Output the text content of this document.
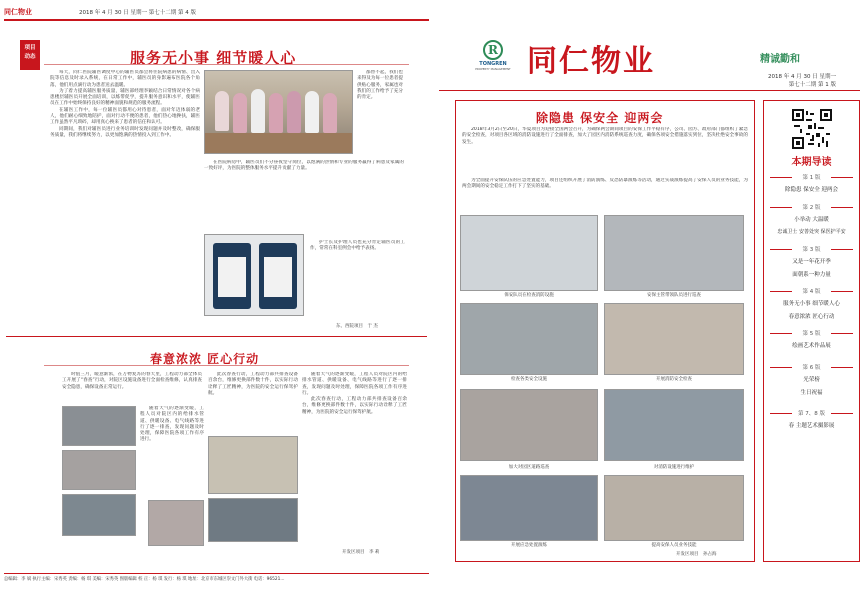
同仁物业	2018 年 4 月 30 日 星期一 第七十二期 第 4 版
项目
动态	服务无小事 细节暖人心

每天，同仁医院辅医调度中心的辅医员都会将住院病患的病情、出入院等信息及时录入系统，在日常工作中，辅医员的身影遍布医院各个角落，他们用点滴行动为患者送去温暖。

为了着力提高辅医服务质量，辅医部经理李颖结合日常情况对各个病患楼层辅医员开展全面培训，以练带促学，提升服务意识和水平，使辅医员在工作中始终保持良好的精神面貌和规范的服务流程。

在辅医工作中，每一位辅医员都用心对待患者，面对年迈体弱的老人，他们耐心细致地陪护，面对行动不便的患者，他们热心地搀扶，辅医工作虽然平凡琐碎，却用真心换来了患者的信任和认可。

同期间，我们对辅医员进行业务培训时发现问题并及时整改，确保服务质量，我们将继续努力，以更加饱满的热情投入到工作中。

都替不起，我们也来得及为每一位患者提供贴心服务，家属也对我们的工作给予了充分的肯定。

在医院病房中，辅医员们不分昼夜坚守岗位，以饱满的热情和专业的服务赢得了病患及家属的一致好评，为医院的整体服务水平提升贡献了力量。

护士长及护理人员也充分肯定辅医员的工作，常常在科室例会中给予表扬。

东、西院项目　于 杰
春意浓浓 匠心行动

时值三月，暖意渐浓，在万物复苏的春天里，工程动力部全体员工开展了“春查”行动，对院区设施设备进行全面检查维修，认真排查安全隐患，确保设备正常运行。

随着天气的逐渐变暖，工程人员对院区内的给排水管道、供暖设备、电气线路等进行了逐一排查，发现问题及时处理，保障医院各项工作有序进行。

此次春查行动，工程动力部共排查设备百余台，维修更换部件数十件，以实际行动诠释了工匠精神，为医院的安全运行保驾护航。

随着天气的逐渐变暖，工程人员对院区内的给排水管道、供暖设备、电气线路等进行了逐一排查，发现问题及时处理，保障医院各项工作有序进行。

此次春查行动，工程动力部共排查设备百余台，维修更换部件数十件，以实际行动诠释了工匠精神，为医院的安全运行保驾护航。

开发区项目　李 莉
总编辑：李 斌 执行主编：宋秀英 责编：杨 琪 美编：宋秀英 图版编辑 校 正：杨 琪 发行：杨 琪 地址：北京市东城区崇文门外大街 电话：96521...
R
TONGREN
PROPERTY MANAGEMENT 同仁物业	精诚勤和
2018 年 4 月 30 日 星期一
第七十二期 第 1 版
除隐患 保安全 迎两会

2018年3月2日至20日，华夏项目为迎接全国两会召开，为确保两会期间项目的安保工作平稳有序，公司、园方、政府部门都组织了紧急的安全检查，对项目各区域的消防设施进行了全面排查，加大了园区内消防系统巡查力度，确保各项安全措施落实到位，坚决杜绝安全事故的发生。

为全面提升安保队伍的应急处置能力，项目还组织开展了消防演练、反恐防暴演练等活动，通过实战演练提高了安保人员的业务技能，为两会期间的安全稳定工作打下了坚实的基础。

保安队员在检查消防设施	安保主管带领队员进行巡查
检查各类安全设施	开展消防安全检查
加大对园区道路巡查	对消防设施进行维护
开展应急处置演练	提高安保人员业务技能
开发区项目　孙占海
本期导读
第 1 版
除隐患 保安全 迎两会
第 2 版
小举动 大温暖
忠诚卫士 安善处突 保医护平安
第 3 版
又是一年花开季
面朝系一种力量
第 4 版
服务无小事 细节暖人心
春意浓浓 匠心行动
第 5 版
绘画艺术作品展
第 6 版
光荣榜
生日祝福
第 7、8 版
春 主题艺术摄影展
